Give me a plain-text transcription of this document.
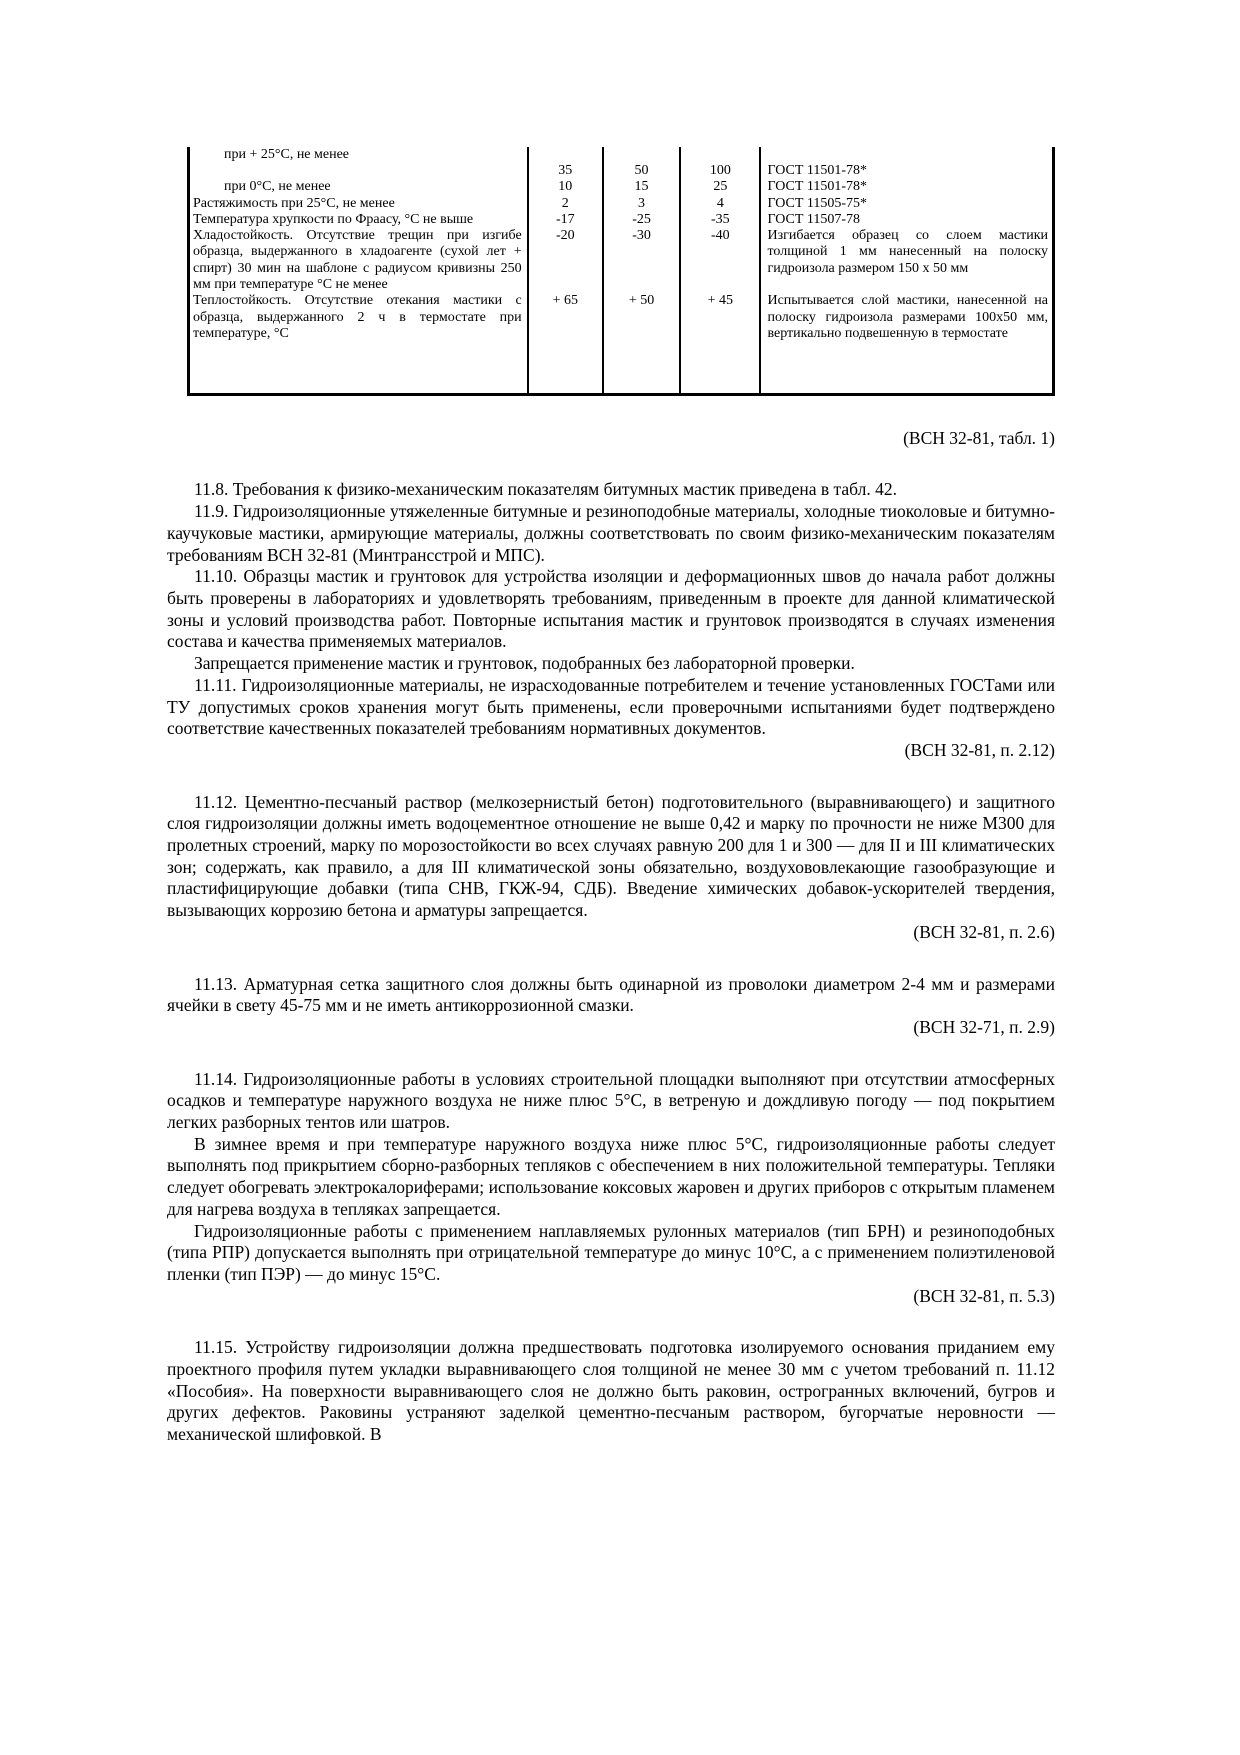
при + 25°С, не менее	35	50	100	ГОСТ 11501-78*
при 0°С, не менее	10	15	25	ГОСТ 11501-78*
Растяжимость при 25°С, не менее	2	3	4	ГОСТ 11505-75*
Температура хрупкости по Фраасу, °С не выше	-17	-25	-35	ГОСТ 11507-78
Хладостойкость. Отсутствие трещин при изгибе образца, выдержанного в хладоагенте (сухой лет + спирт) 30 мин на шаблоне с радиусом кривизны 250 мм при температуре °С не менее	-20	-30	-40	Изгибается образец со слоем мастики толщиной 1 мм нанесенный на полоску гидроизола размером 150 х 50 мм
Теплостойкость. Отсутствие отекания мастики с образца, выдержанного 2 ч в термостате при температуре, °С	+ 65	+ 50	+ 45	Испытывается слой мастики, нанесенной на полоску гидроизола размерами 100х50 мм, вертикально подвешенную в термостате

(ВСН 32-81, табл. 1)

11.8. Требования к физико-механическим показателям битумных мастик приведена в табл. 42.

11.9. Гидроизоляционные утяжеленные битумные и резиноподобные материалы, холодные тиоколовые и битумно-каучуковые мастики, армирующие материалы, должны соответствовать по своим физико-механическим показателям требованиям ВСН 32-81 (Минтрансстрой и МПС).

11.10. Образцы мастик и грунтовок для устройства изоляции и деформационных швов до начала работ должны быть проверены в лабораториях и удовлетворять требованиям, приведенным в проекте для данной климатической зоны и условий производства работ. Повторные испытания мастик и грунтовок производятся в случаях изменения состава и качества применяемых материалов.

Запрещается применение мастик и грунтовок, подобранных без лабораторной проверки.

11.11. Гидроизоляционные материалы, не израсходованные потребителем и течение установленных ГОСТами или ТУ допустимых сроков хранения могут быть применены, если проверочными испытаниями будет подтверждено соответствие качественных показателей требованиям нормативных документов.

(ВСН 32-81, п. 2.12)

11.12. Цементно-песчаный раствор (мелкозернистый бетон) подготовительного (выравнивающего) и защитного слоя гидроизоляции должны иметь водоцементное отношение не выше 0,42 и марку по прочности не ниже М300 для пролетных строений, марку по морозостойкости во всех случаях равную 200 для 1 и 300 — для II и III климатических зон; содержать, как правило, а для III климатической зоны обязательно, воздухововлекающие газообразующие и пластифицирующие добавки (типа СНВ, ГКЖ-94, СДБ). Введение химических добавок-ускорителей твердения, вызывающих коррозию бетона и арматуры запрещается.

(ВСН 32-81, п. 2.6)

11.13. Арматурная сетка защитного слоя должны быть одинарной из проволоки диаметром 2-4 мм и размерами ячейки в свету 45-75 мм и не иметь антикоррозионной смазки.

(ВСН 32-71, п. 2.9)

11.14. Гидроизоляционные работы в условиях строительной площадки выполняют при отсутствии атмосферных осадков и температуре наружного воздуха не ниже плюс 5°С, в ветреную и дождливую погоду — под покрытием легких разборных тентов или шатров.

В зимнее время и при температуре наружного воздуха ниже плюс 5°С, гидроизоляционные работы следует выполнять под прикрытием сборно-разборных тепляков с обеспечением в них положительной температуры. Тепляки следует обогревать электрокалориферами; использование коксовых жаровен и других приборов с открытым пламенем для нагрева воздуха в тепляках запрещается.

Гидроизоляционные работы с применением наплавляемых рулонных материалов (тип БРН) и резиноподобных (типа РПР) допускается выполнять при отрицательной температуре до минус 10°С, а с применением полиэтиленовой пленки (тип ПЭР) — до минус 15°С.

(ВСН 32-81, п. 5.3)

11.15. Устройству гидроизоляции должна предшествовать подготовка изолируемого основания приданием ему проектного профиля путем укладки выравнивающего слоя толщиной не менее 30 мм с учетом требований п. 11.12 «Пособия». На поверхности выравнивающего слоя не должно быть раковин, острогранных включений, бугров и других дефектов. Раковины устраняют заделкой цементно-песчаным раствором, бугорчатые неровности — механической шлифовкой. В
